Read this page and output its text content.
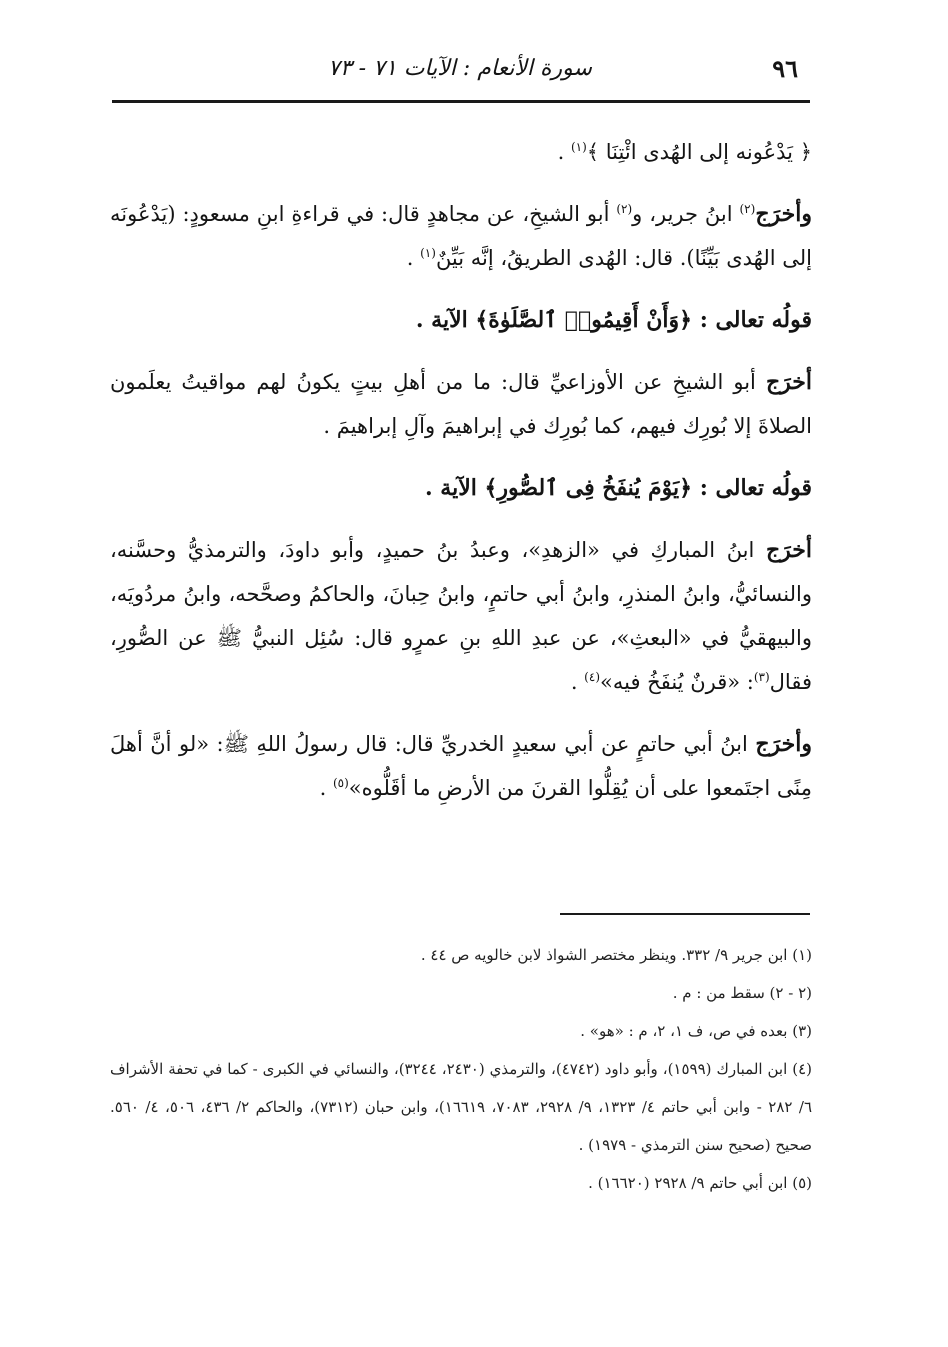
٩٦
سورة الأنعام : الآيات ٧١ - ٧٣

﴿ يَدْعُونه إلى الهُدى ائْتِنَا ﴾$^{(١)}$ .

وأخرَج$^{(٢)}$ ابنُ جرير، و$^{(٢)}$ أبو الشيخِ، عن مجاهدٍ قال: في قراءةِ ابنِ مسعودٍ: (يَدْعُونَه إلى الهُدى بَيِّنًا). قال: الهُدى الطريقُ، إنَّه بَيِّنٌ$^{(١)}$ .

قولُه تعالى : ﴿وَأَنْ أَقِيمُوا۟ ٱلصَّلَوٰةَ﴾ الآية .

أخرَج أبو الشيخِ عن الأوزاعيِّ قال: ما من أهلِ بيتٍ يكونُ لهم مواقيتُ يعلَمون الصلاةَ إلا بُورِك فيهم، كما بُورِك في إبراهيمَ وآلِ إبراهيمَ .

قولُه تعالى : ﴿يَوْمَ يُنفَخُ فِى ٱلصُّورِ﴾ الآية .

أخرَج ابنُ المباركِ في «الزهدِ»، وعبدُ بنُ حميدٍ، وأبو داودَ، والترمذيُّ وحسَّنه، والنسائيُّ، وابنُ المنذرِ، وابنُ أبي حاتمٍ، وابنُ حِبانَ، والحاكمُ وصحَّحه، وابنُ مردُويَه، والبيهقيُّ في «البعثِ»، عن عبدِ اللهِ بنِ عمرٍو قال: سُئِل النبيُّ ﷺ عن الصُّورِ، فقال$^{(٣)}$: «قرنٌ يُنفَخُ فيه»$^{(٤)}$ .

وأخرَج ابنُ أبي حاتمٍ عن أبي سعيدٍ الخدريِّ قال: قال رسولُ اللهِ ﷺ: «لو أنَّ أهلَ مِنًى اجتَمعوا على أن يُقِلُّوا القرنَ من الأرضِ ما أقَلُّوه»$^{(٥)}$ .

(١) ابن جرير ٩/ ٣٣٢. وينظر مختصر الشواذ لابن خالويه ص ٤٤ .

(٢ - ٢) سقط من : م .

(٣) بعده في ص، ف ١، ٢، م : «هو» .

(٤) ابن المبارك (١٥٩٩)، وأبو داود (٤٧٤٢)، والترمذي (٢٤٣٠، ٣٢٤٤)، والنسائي في الكبرى - كما في تحفة الأشراف ٦/ ٢٨٢ - وابن أبي حاتم ٤/ ١٣٢٣، ٩/ ٢٩٢٨، ٧٠٨٣، ١٦٦١٩)، وابن حبان (٧٣١٢)، والحاكم ٢/ ٤٣٦، ٥٠٦، ٤/ ٥٦٠. صحيح (صحيح سنن الترمذي - ١٩٧٩) .

(٥) ابن أبي حاتم ٩/ ٢٩٢٨ (١٦٦٢٠) .
